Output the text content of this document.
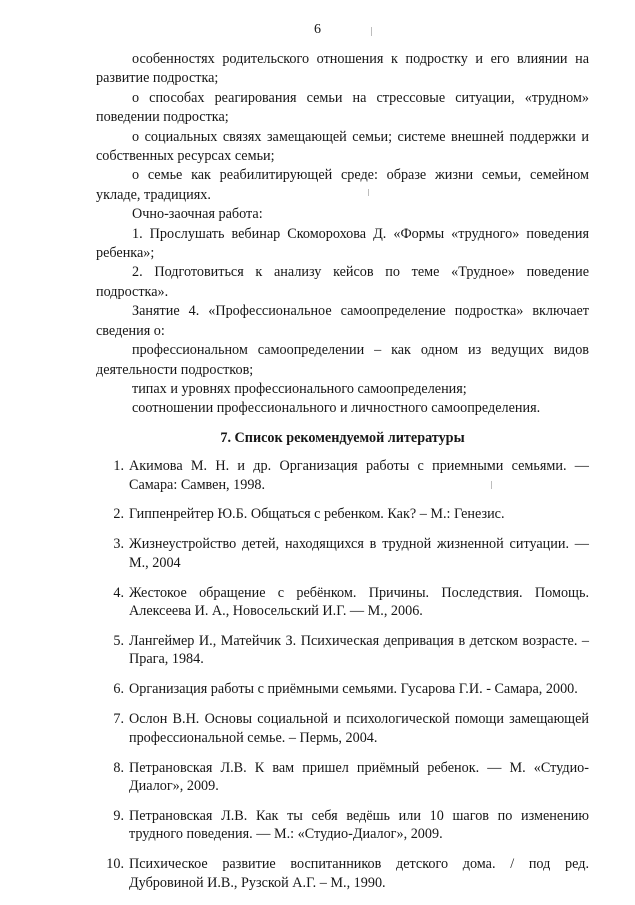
6

особенностях родительского отношения к подростку и его влиянии на развитие подростка;

о способах реагирования семьи на стрессовые ситуации, «трудном» поведении подростка;

о социальных связях замещающей семьи; системе внешней поддержки и собственных ресурсах семьи;

о семье как реабилитирующей среде: образе жизни семьи, семейном укладе, традициях.

Очно-заочная работа:

1. Прослушать вебинар Скоморохова Д. «Формы «трудного» поведения ребенка»;

2. Подготовиться к анализу кейсов по теме «Трудное» поведение подростка».

Занятие 4. «Профессиональное самоопределение подростка» включает сведения о:

профессиональном самоопределении – как одном из ведущих видов деятельности подростков;

типах и уровнях профессионального самоопределения;

соотношении профессионального и личностного самоопределения.

7. Список рекомендуемой литературы
1. Акимова М. Н. и др. Организация работы с приемными семьями. — Самара: Самвен, 1998.
2. Гиппенрейтер Ю.Б. Общаться с ребенком. Как? – М.: Генезис.
3. Жизнеустройство детей, находящихся в трудной жизненной ситуации. — М., 2004
4. Жестокое обращение с ребёнком. Причины. Последствия. Помощь. Алексеева И. А., Новосельский И.Г. — М., 2006.
5. Лангеймер И., Матейчик З. Психическая депривация в детском возрасте. – Прага, 1984.
6. Организация работы с приёмными семьями. Гусарова Г.И. - Самара, 2000.
7. Ослон В.Н. Основы социальной и психологической помощи замещающей профессиональной семье. – Пермь, 2004.
8. Петрановская Л.В. К вам пришел приёмный ребенок. — М. «Студио-Диалог», 2009.
9. Петрановская Л.В. Как ты себя ведёшь или 10 шагов по изменению трудного поведения. — М.: «Студио-Диалог», 2009.
10. Психическое развитие воспитанников детского дома. / под ред. Дубровиной И.В., Рузской А.Г. – М., 1990.
